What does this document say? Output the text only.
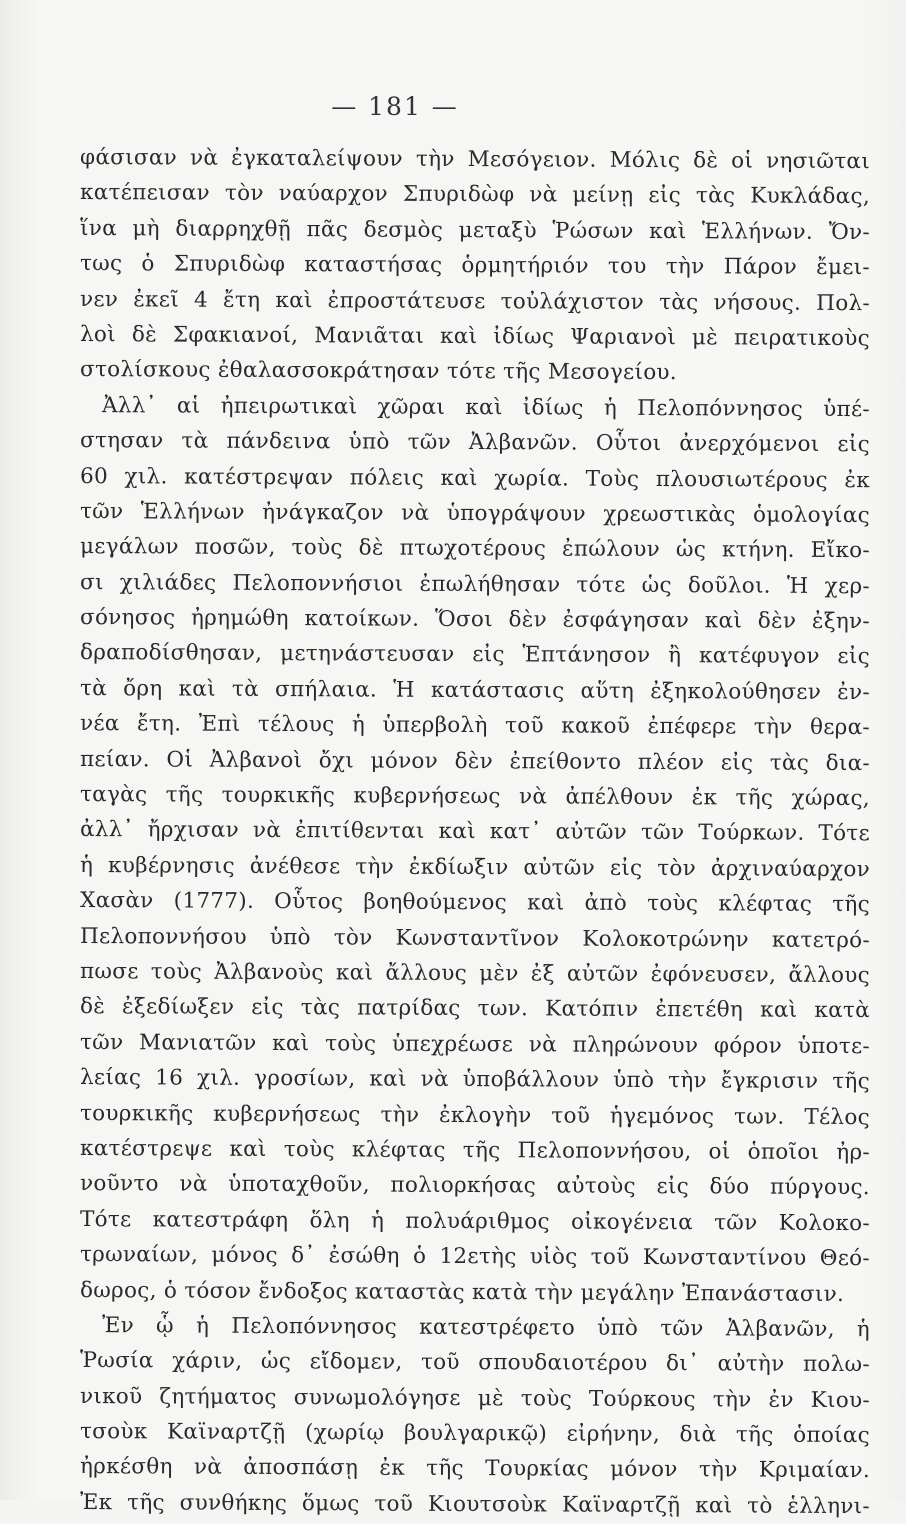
— 181 —
φάσισαν νὰ ἐγκαταλείψουν τὴν Μεσόγειον. Μόλις δὲ οἱ νησιῶται
κατέπεισαν τὸν ναύαρχον Σπυριδὼφ νὰ μείνῃ εἰς τὰς Κυκλάδας,
ἵνα μὴ διαρρηχθῇ πᾶς δεσμὸς μεταξὺ Ῥώσων καὶ Ἑλλήνων. Ὄν-
τως ὁ Σπυριδὼφ καταστήσας ὁρμητήριόν του τὴν Πάρον ἔμει-
νεν ἐκεῖ 4 ἔτη καὶ ἐπροστάτευσε τοὐλάχιστον τὰς νήσους. Πολ-
λοὶ δὲ Σφακιανοί, Μανιᾶται καὶ ἰδίως Ψαριανοὶ μὲ πειρατικοὺς
στολίσκους ἐθαλασσοκράτησαν τότε τῆς Μεσογείου.
Ἀλλ᾽ αἱ ἠπειρωτικαὶ χῶραι καὶ ἰδίως ἡ Πελοπόννησος ὑπέ-
στησαν τὰ πάνδεινα ὑπὸ τῶν Ἀλβανῶν. Οὗτοι ἀνερχόμενοι εἰς
60 χιλ. κατέστρεψαν πόλεις καὶ χωρία. Τοὺς πλουσιωτέρους ἐκ
τῶν Ἑλλήνων ἠνάγκαζον νὰ ὑπογράψουν χρεωστικὰς ὁμολογίας
μεγάλων ποσῶν, τοὺς δὲ πτωχοτέρους ἐπώλουν ὡς κτήνη. Εἴκο-
σι χιλιάδες Πελοποννήσιοι ἐπωλήθησαν τότε ὡς δοῦλοι. Ἡ χερ-
σόνησος ἠρημώθη κατοίκων. Ὅσοι δὲν ἐσφάγησαν καὶ δὲν ἐξην-
δραποδίσθησαν, μετηνάστευσαν εἰς Ἑπτάνησον ἢ κατέφυγον εἰς
τὰ ὄρη καὶ τὰ σπήλαια. Ἡ κατάστασις αὕτη ἐξηκολούθησεν ἐν-
νέα ἔτη. Ἐπὶ τέλους ἡ ὑπερβολὴ τοῦ κακοῦ ἐπέφερε τὴν θερα-
πείαν. Οἱ Ἀλβανοὶ ὄχι μόνον δὲν ἐπείθοντο πλέον εἰς τὰς δια-
ταγὰς τῆς τουρκικῆς κυβερνήσεως νὰ ἀπέλθουν ἐκ τῆς χώρας,
ἀλλ᾽ ἤρχισαν νὰ ἐπιτίθενται καὶ κατ᾽ αὐτῶν τῶν Τούρκων. Τότε
ἡ κυβέρνησις ἀνέθεσε τὴν ἐκδίωξιν αὐτῶν εἰς τὸν ἀρχιναύαρχον
Χασὰν (1777). Οὗτος βοηθούμενος καὶ ἀπὸ τοὺς κλέφτας τῆς
Πελοποννήσου ὑπὸ τὸν Κωνσταντῖνον Κολοκοτρώνην κατετρό-
πωσε τοὺς Ἀλβανοὺς καὶ ἄλλους μὲν ἐξ αὐτῶν ἐφόνευσεν, ἄλλους
δὲ ἐξεδίωξεν εἰς τὰς πατρίδας των. Κατόπιν ἐπετέθη καὶ κατὰ
τῶν Μανιατῶν καὶ τοὺς ὑπεχρέωσε νὰ πληρώνουν φόρον ὑποτε-
λείας 16 χιλ. γροσίων, καὶ νὰ ὑποβάλλουν ὑπὸ τὴν ἔγκρισιν τῆς
τουρκικῆς κυβερνήσεως τὴν ἐκλογὴν τοῦ ἡγεμόνος των. Τέλος
κατέστρεψε καὶ τοὺς κλέφτας τῆς Πελοποννήσου, οἱ ὁποῖοι ἠρ-
νοῦντο νὰ ὑποταχθοῦν, πολιορκήσας αὐτοὺς εἰς δύο πύργους.
Τότε κατεστράφη ὅλη ἡ πολυάριθμος οἰκογένεια τῶν Κολοκο-
τρωναίων, μόνος δ᾽ ἐσώθη ὁ 12ετὴς υἱὸς τοῦ Κωνσταντίνου Θεό-
δωρος, ὁ τόσον ἔνδοξος καταστὰς κατὰ τὴν μεγάλην Ἐπανάστασιν.
Ἐν ᾧ ἡ Πελοπόννησος κατεστρέφετο ὑπὸ τῶν Ἀλβανῶν, ἡ
Ῥωσία χάριν, ὡς εἴδομεν, τοῦ σπουδαιοτέρου δι᾽ αὐτὴν πολω-
νικοῦ ζητήματος συνωμολόγησε μὲ τοὺς Τούρκους τὴν ἐν Κιου-
τσοὺκ Καϊναρτζῇ (χωρίῳ βουλγαρικῷ) εἰρήνην, διὰ τῆς ὁποίας
ἠρκέσθη νὰ ἀποσπάσῃ ἐκ τῆς Τουρκίας μόνον τὴν Κριμαίαν.
Ἐκ τῆς συνθήκης ὅμως τοῦ Κιουτσοὺκ Καϊναρτζῇ καὶ τὸ ἑλληνι-
